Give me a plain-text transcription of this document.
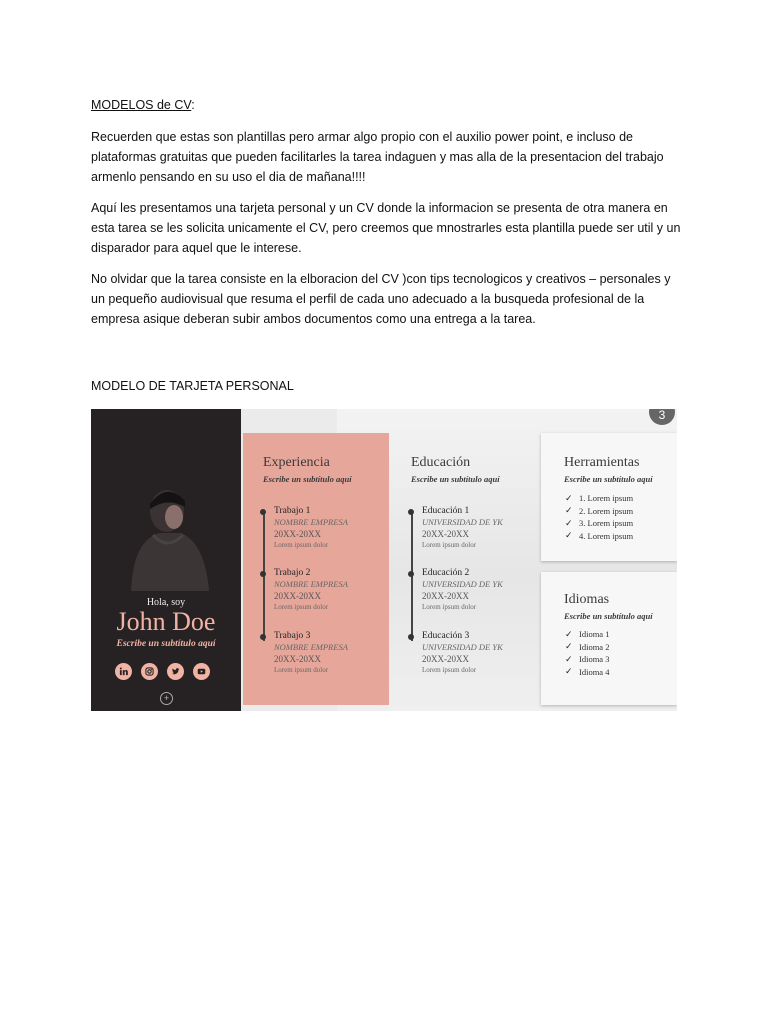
MODELOS de CV:

Recuerden que estas son plantillas pero armar algo propio con el auxilio power point, e incluso de plataformas gratuitas que pueden facilitarles la tarea indaguen y mas alla de la presentacion del trabajo armenlo pensando en su uso el dia de mañana!!!!

Aquí les presentamos una tarjeta personal y un CV donde la informacion se presenta de otra manera en esta tarea se les solicita unicamente el CV, pero creemos que mnostrarles esta plantilla puede ser util y un disparador para aquel que le interese.

No olvidar que la tarea consiste en la elboracion del CV )con tips tecnologicos y creativos – personales y un pequeño audiovisual que resuma el perfil de cada uno adecuado a la busqueda profesional de la empresa asique deberan subir ambos documentos como una entrega a la tarea.

MODELO DE TARJETA PERSONAL
Hola, soy
John Doe
Escribe un subtítulo aquí
+
Experiencia
Escribe un subtítulo aquí
Trabajo 1
NOMBRE EMPRESA
20XX-20XX
Lorem ipsum dolor
Trabajo 2
NOMBRE EMPRESA
20XX-20XX
Lorem ipsum dolor
Trabajo 3
NOMBRE EMPRESA
20XX-20XX
Lorem ipsum dolor
Educación
Escribe un subtítulo aquí
Educación 1
UNIVERSIDAD DE YK
20XX-20XX
Lorem ipsum dolor
Educación 2
UNIVERSIDAD DE YK
20XX-20XX
Lorem ipsum dolor
Educación 3
UNIVERSIDAD DE YK
20XX-20XX
Lorem ipsum dolor
Herramientas
Escribe un subtítulo aquí
✓ 1. Lorem ipsum
✓ 2. Lorem ipsum
✓ 3. Lorem ipsum
✓ 4. Lorem ipsum
Idiomas
Escribe un subtítulo aquí
✓ Idioma 1
✓ Idioma 2
✓ Idioma 3
✓ Idioma 4
3
